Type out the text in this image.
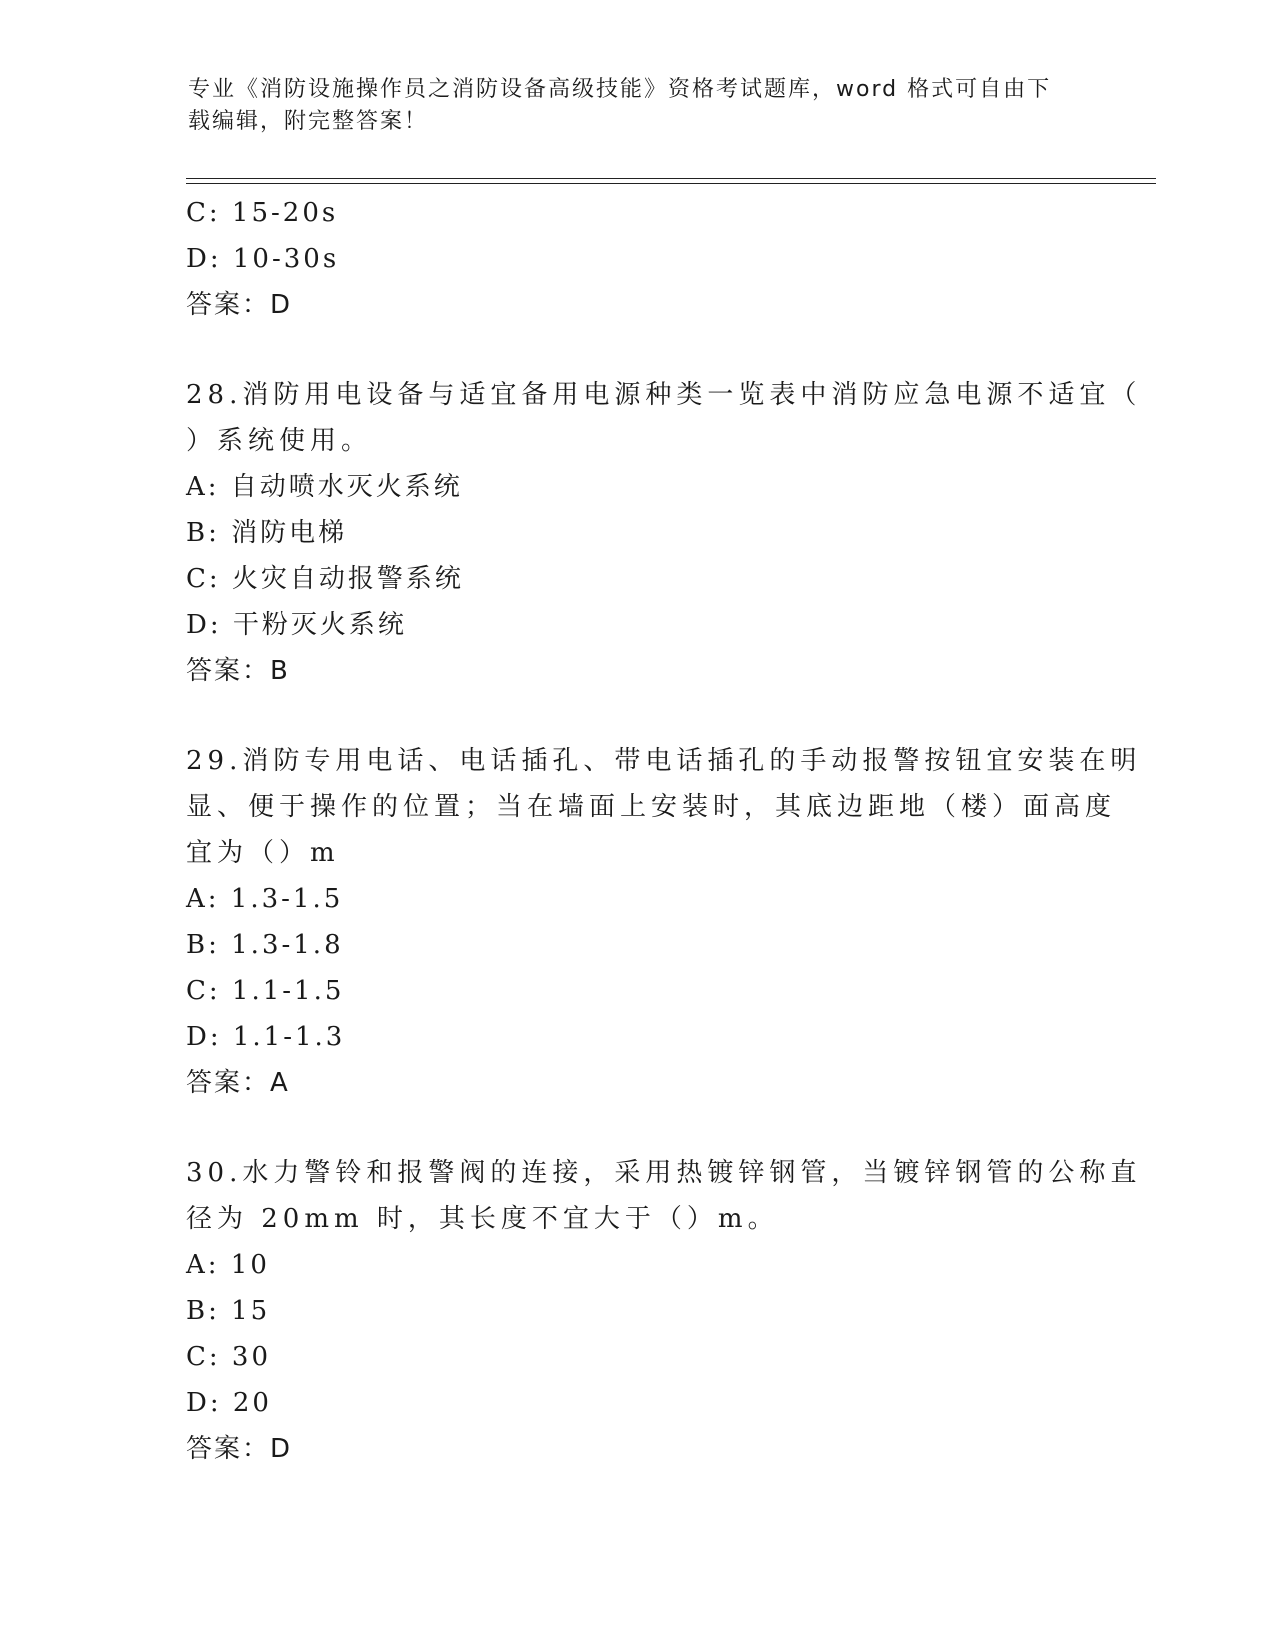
专业《消防设施操作员之消防设备高级技能》资格考试题库，word 格式可自由下
载编辑，附完整答案！
C: 15-20s
D: 10-30s
答案：D
28.消防用电设备与适宜备用电源种类一览表中消防应急电源不适宜（
）系统使用。
A: 自动喷水灭火系统
B: 消防电梯
C: 火灾自动报警系统
D: 干粉灭火系统
答案：B
29.消防专用电话、电话插孔、带电话插孔的手动报警按钮宜安装在明
显、便于操作的位置；当在墙面上安装时，其底边距地（楼）面高度
宜为（）m
A: 1.3-1.5
B: 1.3-1.8
C: 1.1-1.5
D: 1.1-1.3
答案：A
30.水力警铃和报警阀的连接，采用热镀锌钢管，当镀锌钢管的公称直
径为 20mm 时，其长度不宜大于（）m。
A: 10
B: 15
C: 30
D: 20
答案：D
